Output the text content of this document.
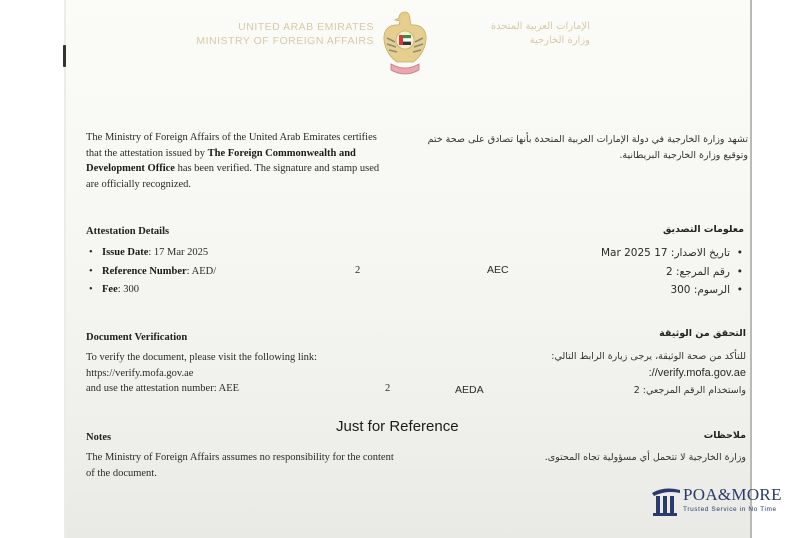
UNITED ARAB EMIRATES
MINISTRY OF FOREIGN AFFAIRS
الإمارات العربية المتحدة
وزارة الخارجية
The Ministry of Foreign Affairs of the United Arab Emirates certifies that the attestation issued by The Foreign Commonwealth and Development Office has been verified. The signature and stamp used are officially recognized.
تشهد وزارة الخارجية في دولة الإمارات العربية المتحدة بأنها تصادق على صحة ختم وتوقيع وزارة الخارجية البريطانية.
Attestation Details
• Issue Date: 17 Mar 2025
• Reference Number: AED/
• Fee: 300
2	AEC
معلومات التصديق
• تاريخ الاصدار: 17 Mar 2025
• رقم المرجع: 2
• الرسوم: 300
Document Verification
To verify the document, please visit the following link:
https://verify.mofa.gov.ae
and use the attestation number: AEE	2	AEDA
التحقق من الوثيقة
للتأكد من صحة الوثيقة، يرجى زيارة الرابط التالي:
://verify.mofa.gov.ae
واستخدام الرقم المرجعي: 2
Just for Reference
Notes
The Ministry of Foreign Affairs assumes no responsibility for the content of the document.
ملاحظات
وزارة الخارجية لا تتحمل أي مسؤولية تجاه المحتوى.
POA&MORE
Trusted Service in No Time
